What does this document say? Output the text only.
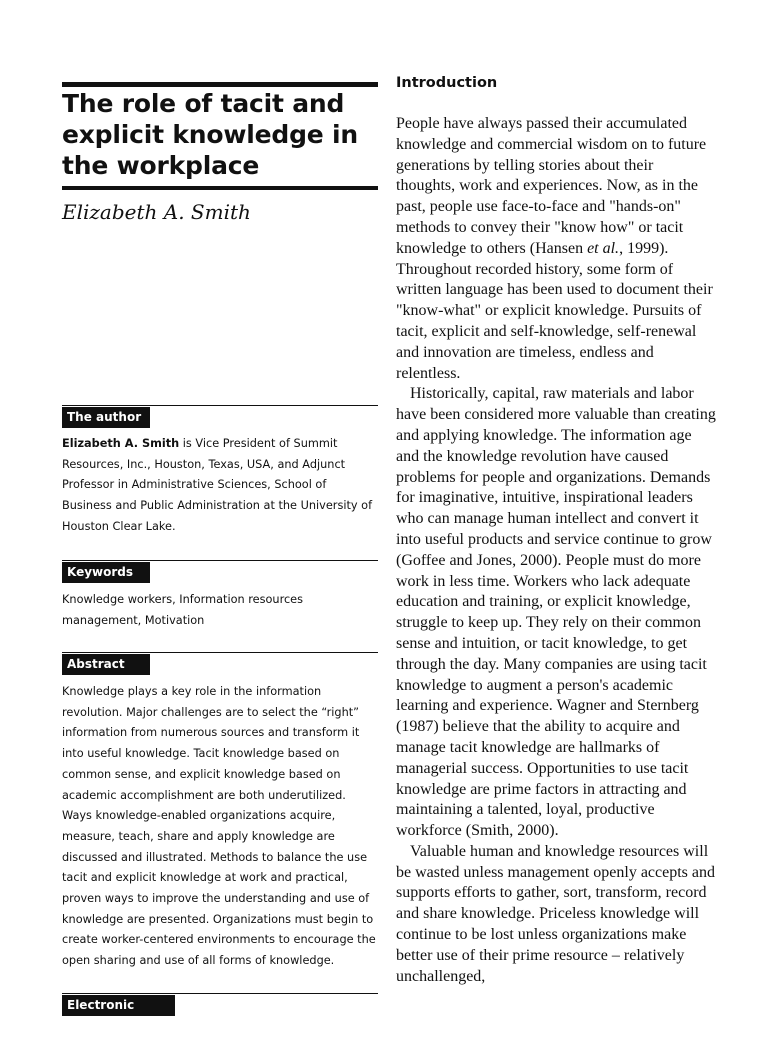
The role of tacit and explicit knowledge in the workplace
Elizabeth A. Smith
The author

Elizabeth A. Smith is Vice President of Summit Resources, Inc., Houston, Texas, USA, and Adjunct Professor in Administrative Sciences, School of Business and Public Administration at the University of Houston Clear Lake.

Keywords

Knowledge workers, Information resources management, Motivation

Abstract

Knowledge plays a key role in the information revolution. Major challenges are to select the “right” information from numerous sources and transform it into useful knowledge. Tacit knowledge based on common sense, and explicit knowledge based on academic accomplishment are both underutilized. Ways knowledge-enabled organizations acquire, measure, teach, share and apply knowledge are discussed and illustrated. Methods to balance the use tacit and explicit knowledge at work and practical, proven ways to improve the understanding and use of knowledge are presented. Organizations must begin to create worker-centered environments to encourage the open sharing and use of all forms of knowledge.

Electronic access
Introduction

People have always passed their accumulated knowledge and commercial wisdom on to future generations by telling stories about their thoughts, work and experiences. Now, as in the past, people use face-to-face and "hands-on" methods to convey their "know how" or tacit knowledge to others (Hansen et al., 1999). Throughout recorded history, some form of written language has been used to document their "know-what" or explicit knowledge. Pursuits of tacit, explicit and self-knowledge, self-renewal and innovation are timeless, endless and relentless.

Historically, capital, raw materials and labor have been considered more valuable than creating and applying knowledge. The information age and the knowledge revolution have caused problems for people and organizations. Demands for imaginative, intuitive, inspirational leaders who can manage human intellect and convert it into useful products and service continue to grow (Goffee and Jones, 2000). People must do more work in less time. Workers who lack adequate education and training, or explicit knowledge, struggle to keep up. They rely on their common sense and intuition, or tacit knowledge, to get through the day. Many companies are using tacit knowledge to augment a person's academic learning and experience. Wagner and Sternberg (1987) believe that the ability to acquire and manage tacit knowledge are hallmarks of managerial success. Opportunities to use tacit knowledge are prime factors in attracting and maintaining a talented, loyal, productive workforce (Smith, 2000).

Valuable human and knowledge resources will be wasted unless management openly accepts and supports efforts to gather, sort, transform, record and share knowledge. Priceless knowledge will continue to be lost unless organizations make better use of their prime resource – relatively unchallenged,
